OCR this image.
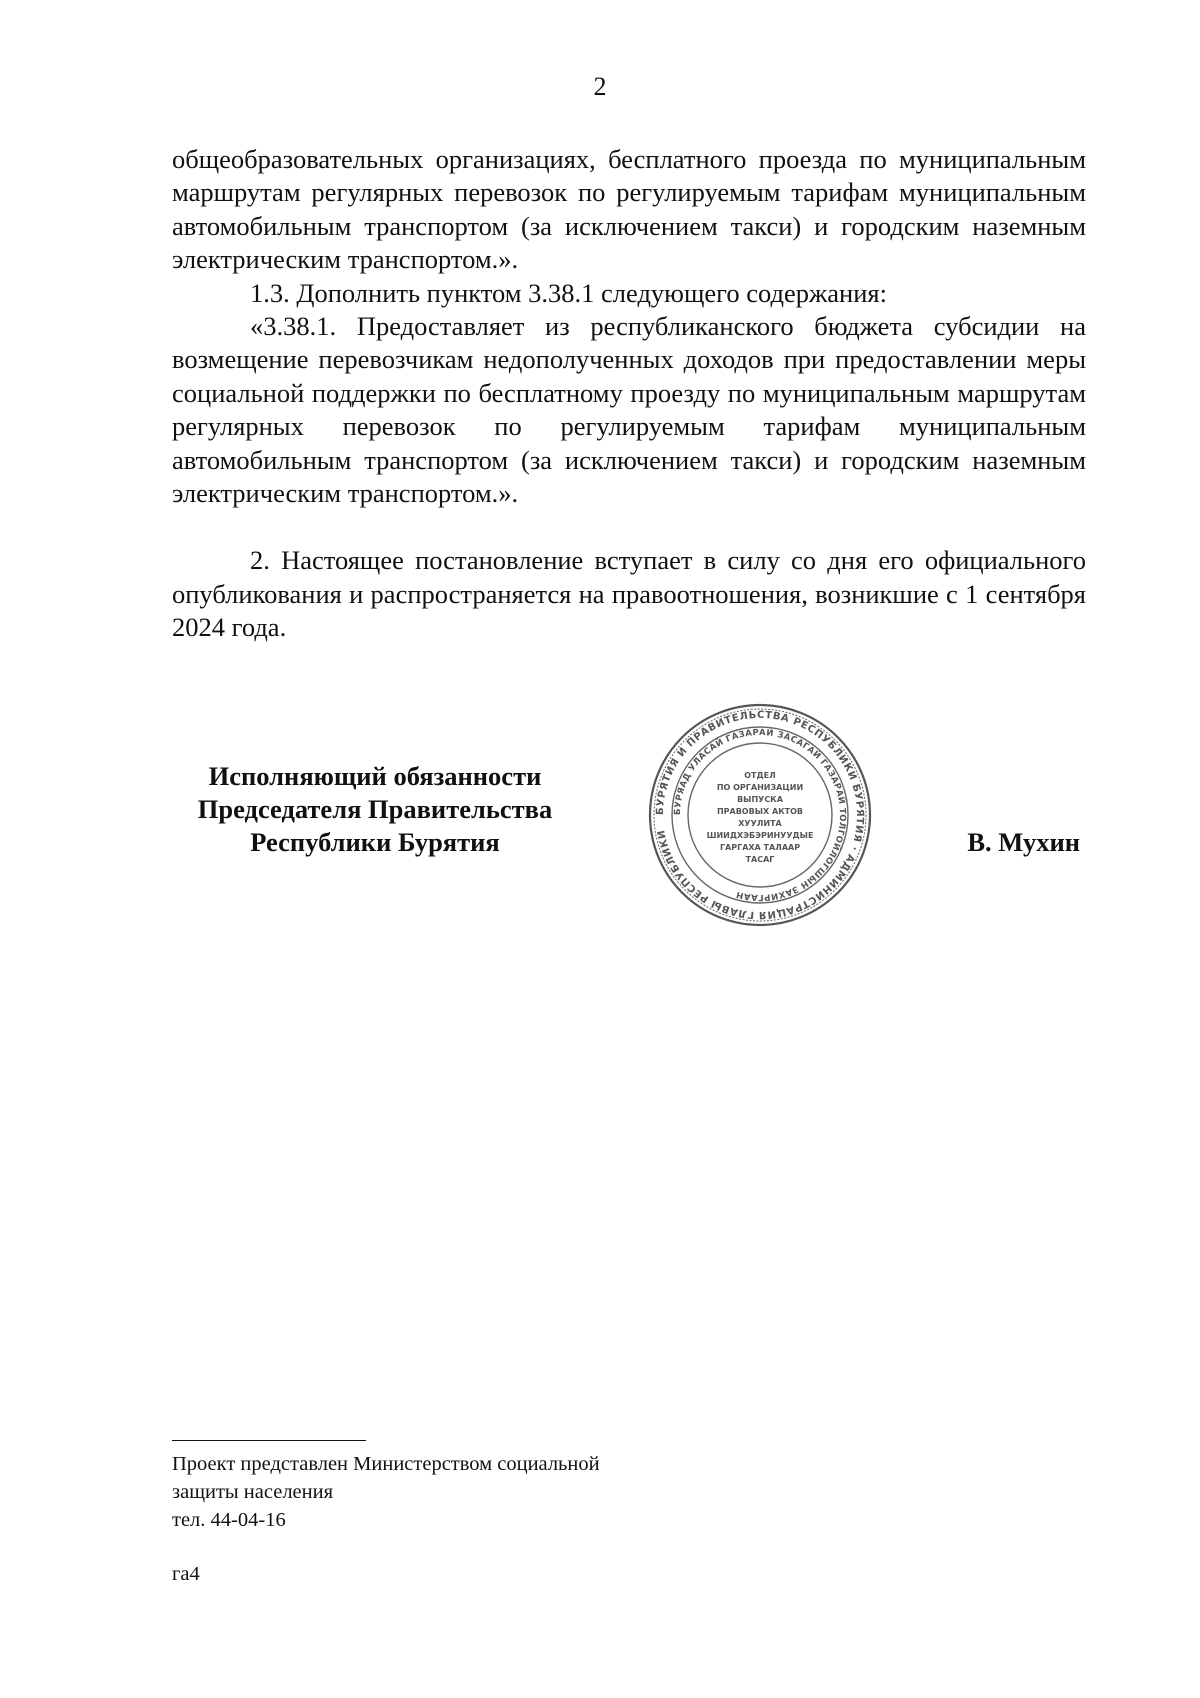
2

общеобразовательных организациях, бесплатного проезда по муниципальным маршрутам регулярных перевозок по регулируемым тарифам муниципальным автомобильным транспортом (за исключением такси) и городским наземным электрическим транспортом.».

1.3. Дополнить пунктом 3.38.1 следующего содержания:

«3.38.1. Предоставляет из республиканского бюджета субсидии на возмещение перевозчикам недополученных доходов при предоставлении меры социальной поддержки по бесплатному проезду по муниципальным маршрутам регулярных перевозок по регулируемым тарифам муниципальным автомобильным транспортом (за исключением такси) и городским наземным электрическим транспортом.».

2. Настоящее постановление вступает в силу со дня его официального опубликования и распространяется на правоотношения, возникшие с 1 сентября 2024 года.

Исполняющий обязанности
Председателя Правительства
Республики Бурятия
БУРЯТИЯ И ПРАВИТЕЛЬСТВА РЕСПУБЛИКИ БУРЯТИЯ · АДМИНИСТРАЦИЯ ГЛАВЫ РЕСПУБЛИКИ
БУРЯАД УЛАСАЙ ГАЗАРАЙ ЗАСАГАЙ ГАЗАРАЙ ТОЛГОЙЛОГШЫН ЗАХИРГААН
ОТДЕЛ
ПО ОРГАНИЗАЦИИ
ВЫПУСКА
ПРАВОВЫХ АКТОВ
ХУУЛИТА
ШИИДХЭБЭРИНУУДЫЕ
ГАРГАХА ТАЛААР
ТАСАГ
В. Мухин
Проект представлен Министерством социальной
защиты населения
тел. 44-04-16
га4
